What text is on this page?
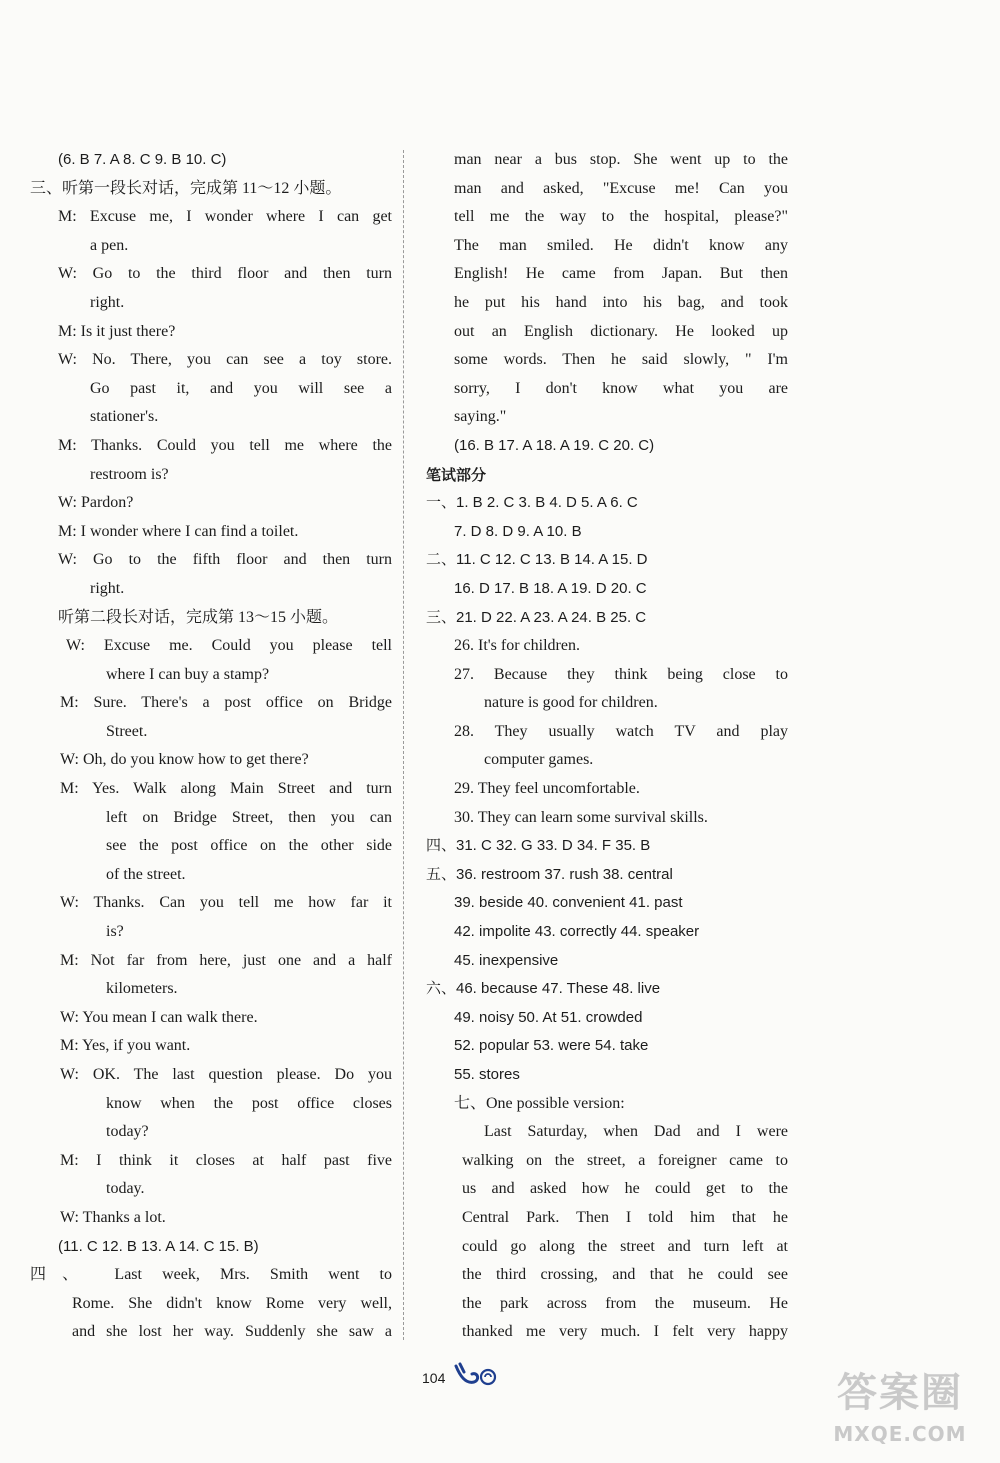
(6. B 7. A 8. C 9. B 10. C)
三、听第一段长对话，完成第 11～12 小题。
M: Excuse me, I wonder where I can get
a pen.
W: Go to the third floor and then turn
right.
M: Is it just there?
W: No. There, you can see a toy store.
Go past it, and you will see a
stationer's.
M: Thanks. Could you tell me where the
restroom is?
W: Pardon?
M: I wonder where I can find a toilet.
W: Go to the fifth floor and then turn
right.
听第二段长对话，完成第 13～15 小题。
W: Excuse me. Could you please tell
where I can buy a stamp?
M: Sure. There's a post office on Bridge
Street.
W: Oh, do you know how to get there?
M: Yes. Walk along Main Street and turn
left on Bridge Street, then you can
see the post office on the other side
of the street.
W: Thanks. Can you tell me how far it
is?
M: Not far from here, just one and a half
kilometers.
W: You mean I can walk there.
M: Yes, if you want.
W: OK. The last question please. Do you
know when the post office closes
today?
M: I think it closes at half past five
today.
W: Thanks a lot.
(11. C 12. B 13. A 14. C 15. B)
四、 Last week, Mrs. Smith went to
Rome. She didn't know Rome very well,
and she lost her way. Suddenly she saw a
man near a bus stop. She went up to the
man and asked, "Excuse me! Can you
tell me the way to the hospital, please?"
The man smiled. He didn't know any
English! He came from Japan. But then
he put his hand into his bag, and took
out an English dictionary. He looked up
some words. Then he said slowly, " I'm
sorry, I don't know what you are
saying."
(16. B 17. A 18. A 19. C 20. C)
笔试部分
一、1. B 2. C 3. B 4. D 5. A 6. C
7. D 8. D 9. A 10. B
二、11. C 12. C 13. B 14. A 15. D
16. D 17. B 18. A 19. D 20. C
三、21. D 22. A 23. A 24. B 25. C
26. It's for children.
27. Because they think being close to
nature is good for children.
28. They usually watch TV and play
computer games.
29. They feel uncomfortable.
30. They can learn some survival skills.
四、31. C 32. G 33. D 34. F 35. B
五、36. restroom 37. rush 38. central
39. beside 40. convenient 41. past
42. impolite 43. correctly 44. speaker
45. inexpensive
六、46. because 47. These 48. live
49. noisy 50. At 51. crowded
52. popular 53. were 54. take
55. stores
七、One possible version:
Last Saturday, when Dad and I were
walking on the street, a foreigner came to
us and asked how he could get to the
Central Park. Then I told him that he
could go along the street and turn left at
the third crossing, and that he could see
the park across from the museum. He
thanked me very much. I felt very happy
104	答案圈
MXQE.COM
